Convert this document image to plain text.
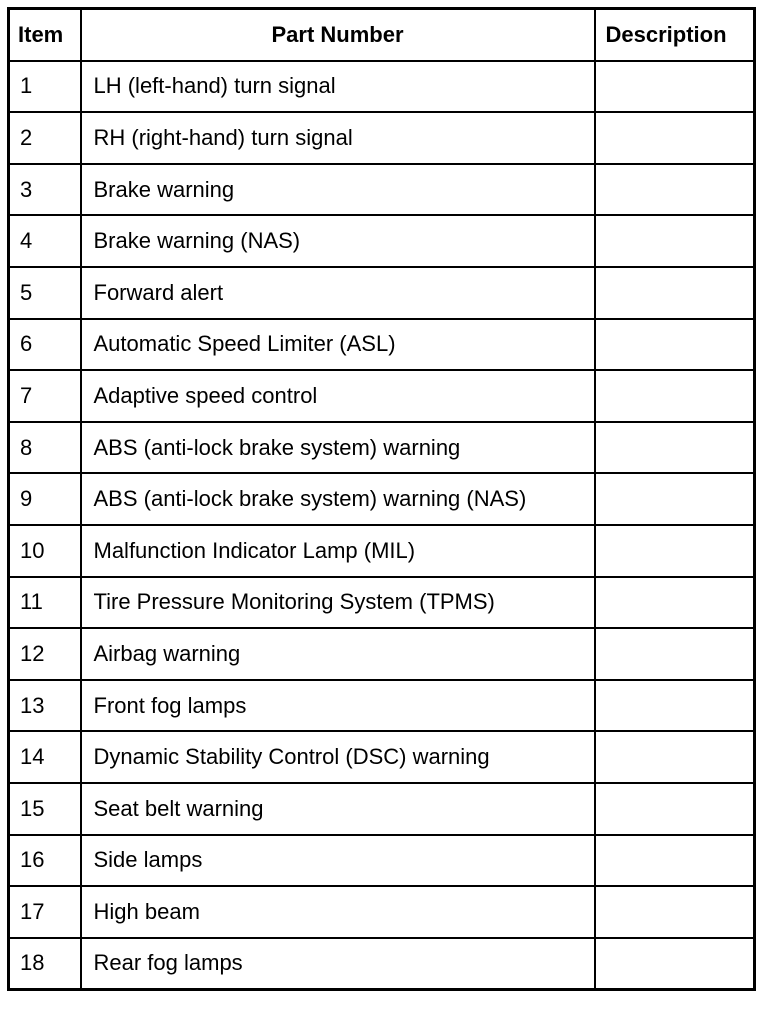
Item	Part Number	Description
1	LH (left-hand) turn signal	
2	RH (right-hand) turn signal	
3	Brake warning	
4	Brake warning (NAS)	
5	Forward alert	
6	Automatic Speed Limiter (ASL)	
7	Adaptive speed control	
8	ABS (anti-lock brake system) warning	
9	ABS (anti-lock brake system) warning (NAS)	
10	Malfunction Indicator Lamp (MIL)	
11	Tire Pressure Monitoring System (TPMS)	
12	Airbag warning	
13	Front fog lamps	
14	Dynamic Stability Control (DSC) warning	
15	Seat belt warning	
16	Side lamps	
17	High beam	
18	Rear fog lamps	
